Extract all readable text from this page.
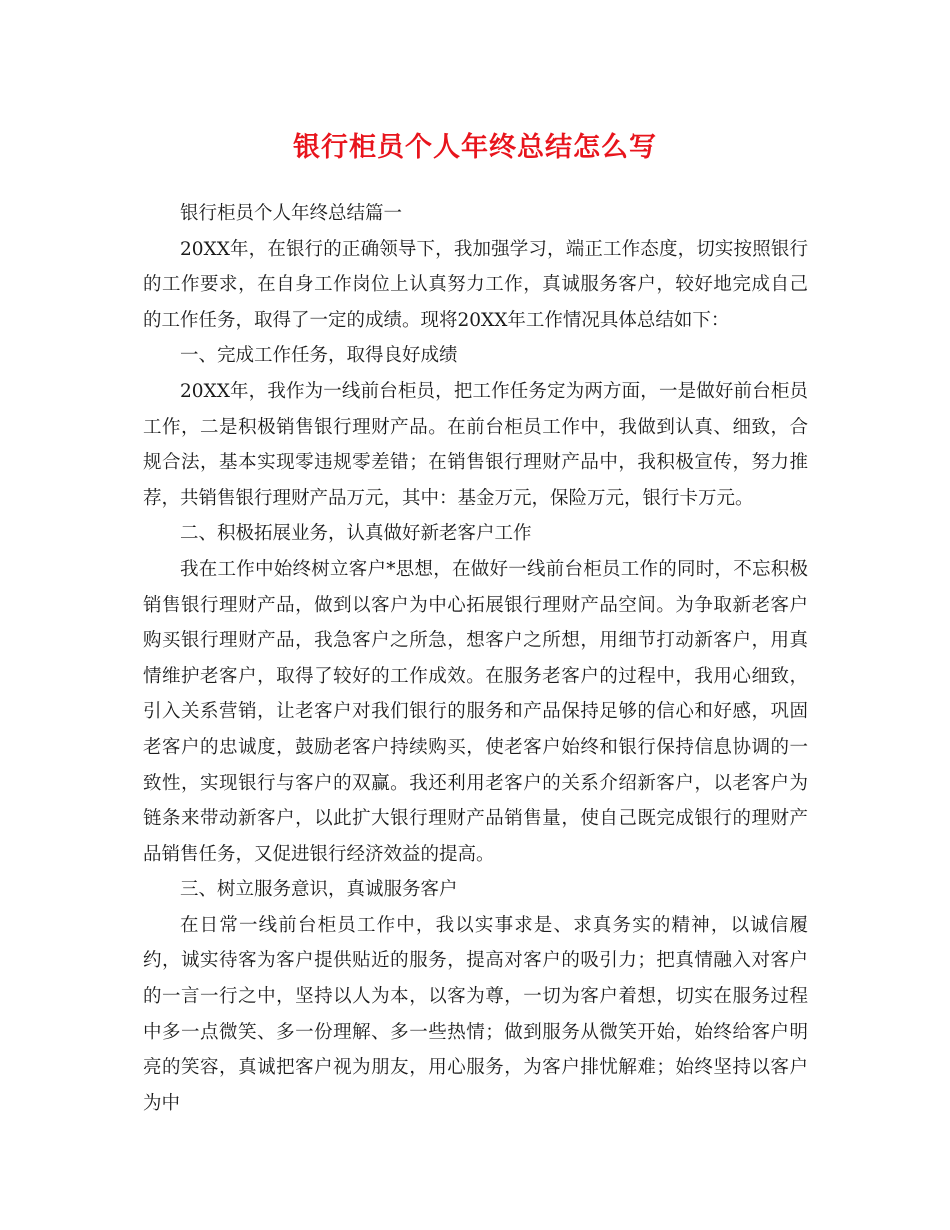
银行柜员个人年终总结怎么写

银行柜员个人年终总结篇一

20XX年，在银行的正确领导下，我加强学习，端正工作态度，切实按照银行的工作要求，在自身工作岗位上认真努力工作，真诚服务客户，较好地完成自己的工作任务，取得了一定的成绩。现将20XX年工作情况具体总结如下：

一、完成工作任务，取得良好成绩

20XX年，我作为一线前台柜员，把工作任务定为两方面，一是做好前台柜员工作，二是积极销售银行理财产品。在前台柜员工作中，我做到认真、细致，合规合法，基本实现零违规零差错；在销售银行理财产品中，我积极宣传，努力推荐，共销售银行理财产品万元，其中：基金万元，保险万元，银行卡万元。

二、积极拓展业务，认真做好新老客户工作

我在工作中始终树立客户*思想，在做好一线前台柜员工作的同时，不忘积极销售银行理财产品，做到以客户为中心拓展银行理财产品空间。为争取新老客户购买银行理财产品，我急客户之所急，想客户之所想，用细节打动新客户，用真情维护老客户，取得了较好的工作成效。在服务老客户的过程中，我用心细致，引入关系营销，让老客户对我们银行的服务和产品保持足够的信心和好感，巩固老客户的忠诚度，鼓励老客户持续购买，使老客户始终和银行保持信息协调的一致性，实现银行与客户的双赢。我还利用老客户的关系介绍新客户，以老客户为链条来带动新客户，以此扩大银行理财产品销售量，使自己既完成银行的理财产品销售任务，又促进银行经济效益的提高。

三、树立服务意识，真诚服务客户

在日常一线前台柜员工作中，我以实事求是、求真务实的精神，以诚信履约，诚实待客为客户提供贴近的服务，提高对客户的吸引力；把真情融入对客户的一言一行之中，坚持以人为本，以客为尊，一切为客户着想，切实在服务过程中多一点微笑、多一份理解、多一些热情；做到服务从微笑开始，始终给客户明亮的笑容，真诚把客户视为朋友，用心服务，为客户排忧解难；始终坚持以客户为中
